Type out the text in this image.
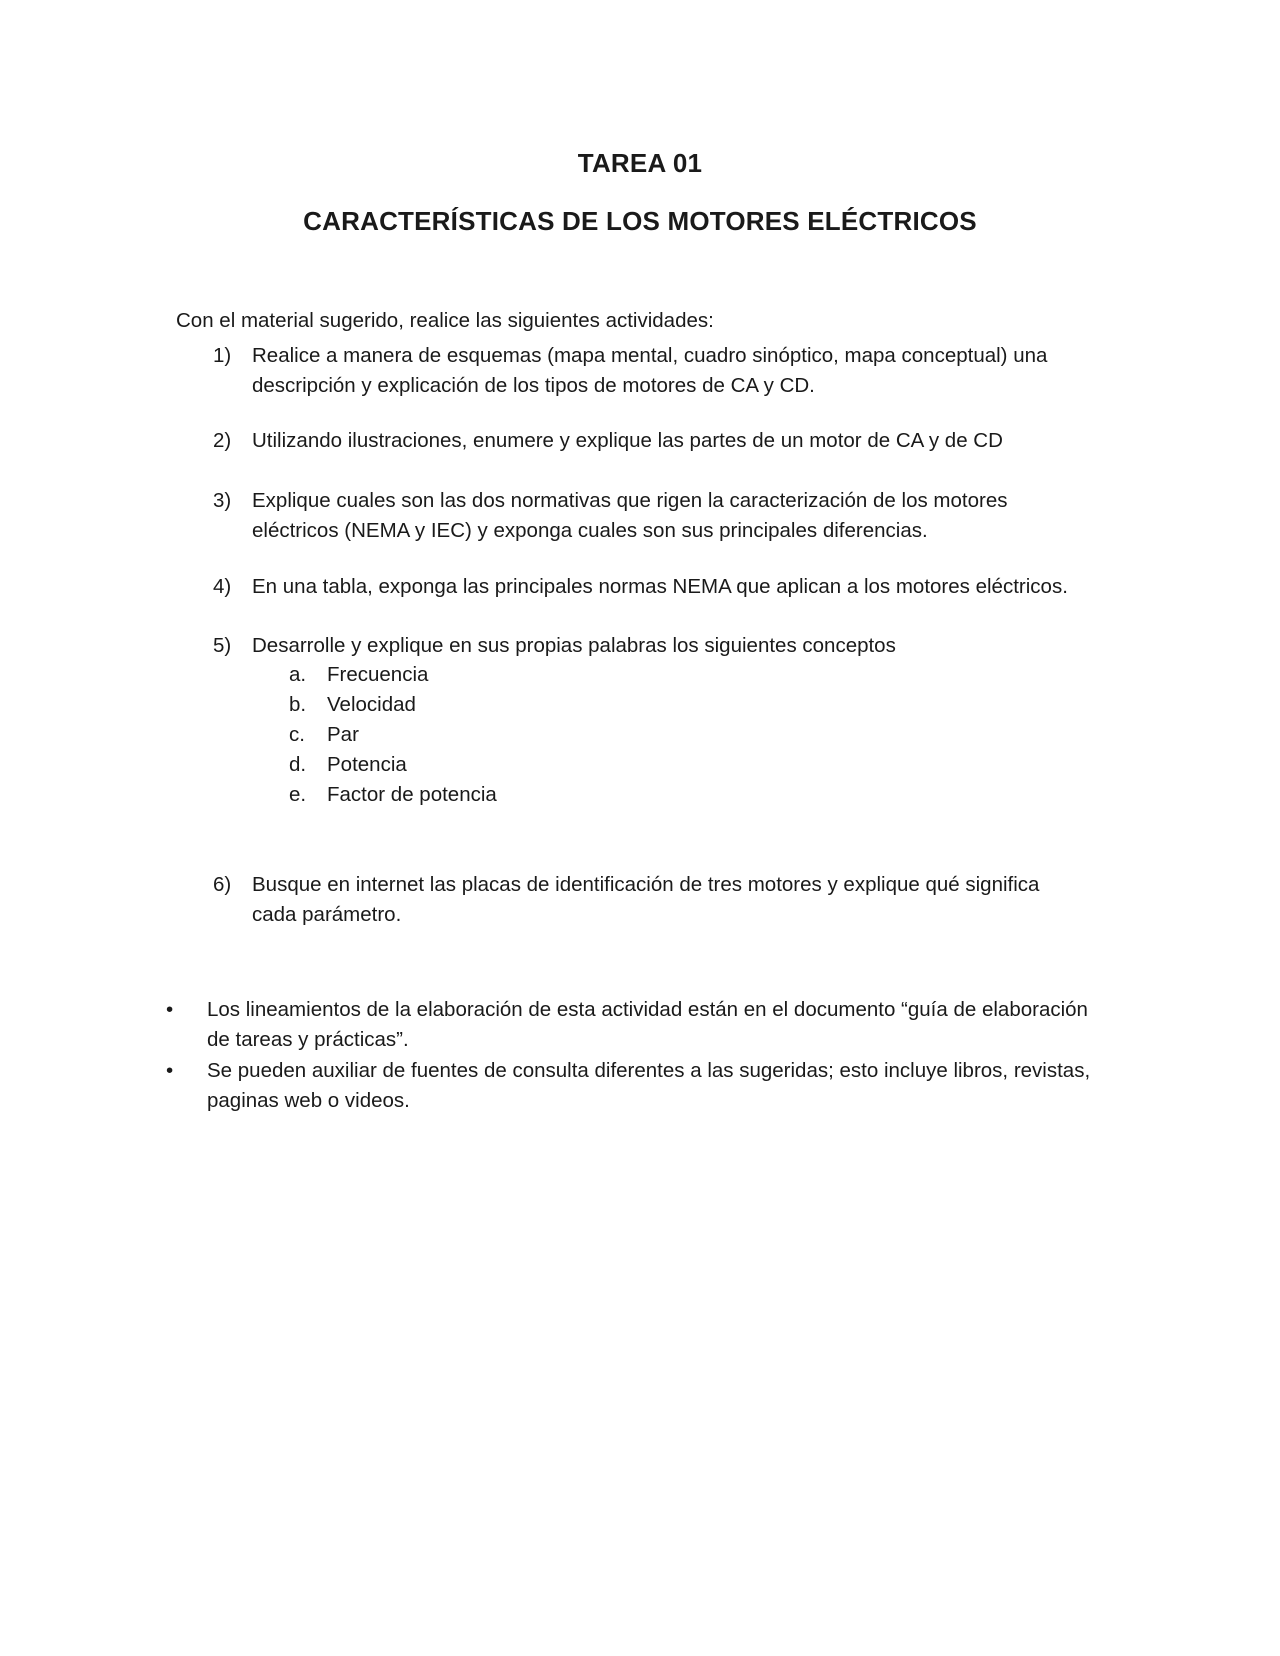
TAREA 01
CARACTERÍSTICAS DE LOS MOTORES ELÉCTRICOS

Con el material sugerido, realice las siguientes actividades:

1)	Realice a manera de esquemas (mapa mental, cuadro sinóptico, mapa conceptual) una
descripción y explicación de los tipos de motores de CA y CD.
2)	Utilizando ilustraciones, enumere y explique las partes de un motor de CA y de CD
3)	Explique cuales son las dos normativas que rigen la caracterización de los motores
eléctricos (NEMA y IEC) y exponga cuales son sus principales diferencias.
4)	En una tabla, exponga las principales normas NEMA que aplican a los motores eléctricos.
5)	Desarrolle y explique en sus propias palabras los siguientes conceptos
a.	Frecuencia
b.	Velocidad
c.	Par
d.	Potencia
e.	Factor de potencia
6)	Busque en internet las placas de identificación de tres motores y explique qué significa
cada parámetro.
• Los lineamientos de la elaboración de esta actividad están en el documento “guía de elaboración
de tareas y prácticas”.
• Se pueden auxiliar de fuentes de consulta diferentes a las sugeridas; esto incluye libros, revistas,
paginas web o videos.
